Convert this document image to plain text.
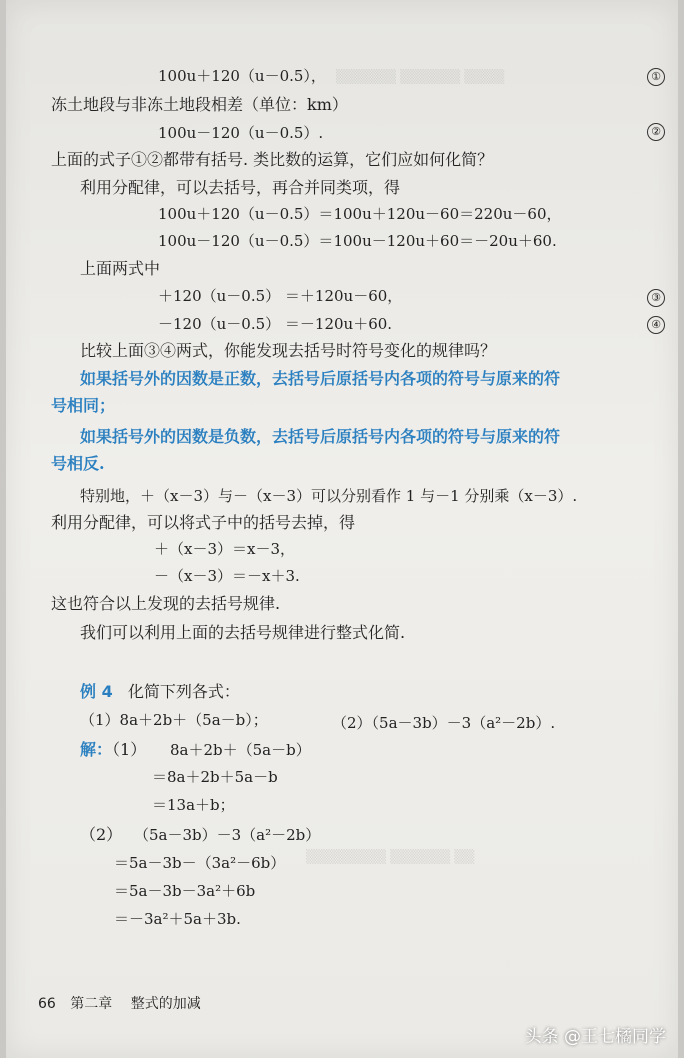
▒▒▒▒▒▒ ▒▒▒▒▒▒ ▒▒▒▒
▒▒▒▒▒▒▒▒ ▒▒▒▒▒▒ ▒▒
100u＋120（u－0.5），	①
冻土地段与非冻土地段相差（单位：km）
100u－120（u－0.5）.	②
上面的式子①②都带有括号. 类比数的运算，它们应如何化简？
利用分配律，可以去括号，再合并同类项，得
100u＋120（u－0.5）＝100u＋120u－60＝220u－60，
100u－120（u－0.5）＝100u－120u＋60＝－20u＋60.
上面两式中
＋120（u－0.5） ＝＋120u－60，	③
－120（u－0.5） ＝－120u＋60.	④
比较上面③④两式，你能发现去括号时符号变化的规律吗？
如果括号外的因数是正数，去括号后原括号内各项的符号与原来的符
号相同；
如果括号外的因数是负数，去括号后原括号内各项的符号与原来的符
号相反.
特别地，＋（x－3）与－（x－3）可以分别看作 1 与－1 分别乘（x－3）.
利用分配律，可以将式子中的括号去掉，得
＋（x－3）＝x－3，
－（x－3）＝－x＋3.
这也符合以上发现的去括号规律.
我们可以利用上面的去括号规律进行整式化简.
例 4 化简下列各式：
（1）8a＋2b＋（5a－b）；	（2）（5a－3b）－3（a²－2b）.
解：（1） 8a＋2b＋（5a－b）
＝8a＋2b＋5a－b
＝13a＋b；
（2） （5a－3b）－3（a²－2b）
＝5a－3b－（3a²－6b）
＝5a－3b－3a²＋6b
＝－3a²＋5a＋3b.
66 第二章 整式的加减
头条 @王七橘同学
